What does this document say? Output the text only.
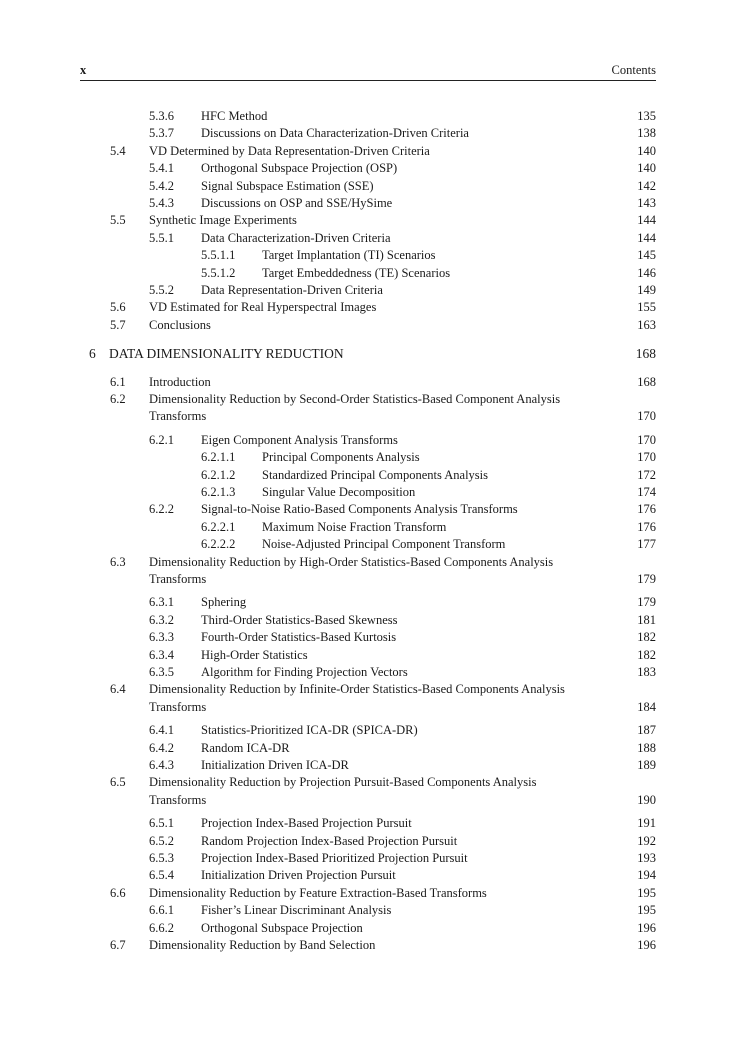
x	Contents
5.3.6 HFC Method	135
5.3.7 Discussions on Data Characterization-Driven Criteria	138
5.4 VD Determined by Data Representation-Driven Criteria	140
5.4.1 Orthogonal Subspace Projection (OSP)	140
5.4.2 Signal Subspace Estimation (SSE)	142
5.4.3 Discussions on OSP and SSE/HySime	143
5.5 Synthetic Image Experiments	144
5.5.1 Data Characterization-Driven Criteria	144
5.5.1.1 Target Implantation (TI) Scenarios	145
5.5.1.2 Target Embeddedness (TE) Scenarios	146
5.5.2 Data Representation-Driven Criteria	149
5.6 VD Estimated for Real Hyperspectral Images	155
5.7 Conclusions	163
6 DATA DIMENSIONALITY REDUCTION	168
6.1 Introduction	168
6.2 Dimensionality Reduction by Second-Order Statistics-Based Component Analysis
Transforms	170
6.2.1 Eigen Component Analysis Transforms	170
6.2.1.1 Principal Components Analysis	170
6.2.1.2 Standardized Principal Components Analysis	172
6.2.1.3 Singular Value Decomposition	174
6.2.2 Signal-to-Noise Ratio-Based Components Analysis Transforms	176
6.2.2.1 Maximum Noise Fraction Transform	176
6.2.2.2 Noise-Adjusted Principal Component Transform	177
6.3 Dimensionality Reduction by High-Order Statistics-Based Components Analysis
Transforms	179
6.3.1 Sphering	179
6.3.2 Third-Order Statistics-Based Skewness	181
6.3.3 Fourth-Order Statistics-Based Kurtosis	182
6.3.4 High-Order Statistics	182
6.3.5 Algorithm for Finding Projection Vectors	183
6.4 Dimensionality Reduction by Infinite-Order Statistics-Based Components Analysis
Transforms	184
6.4.1 Statistics-Prioritized ICA-DR (SPICA-DR)	187
6.4.2 Random ICA-DR	188
6.4.3 Initialization Driven ICA-DR	189
6.5 Dimensionality Reduction by Projection Pursuit-Based Components Analysis
Transforms	190
6.5.1 Projection Index-Based Projection Pursuit	191
6.5.2 Random Projection Index-Based Projection Pursuit	192
6.5.3 Projection Index-Based Prioritized Projection Pursuit	193
6.5.4 Initialization Driven Projection Pursuit	194
6.6 Dimensionality Reduction by Feature Extraction-Based Transforms	195
6.6.1 Fisher’s Linear Discriminant Analysis	195
6.6.2 Orthogonal Subspace Projection	196
6.7 Dimensionality Reduction by Band Selection	196
